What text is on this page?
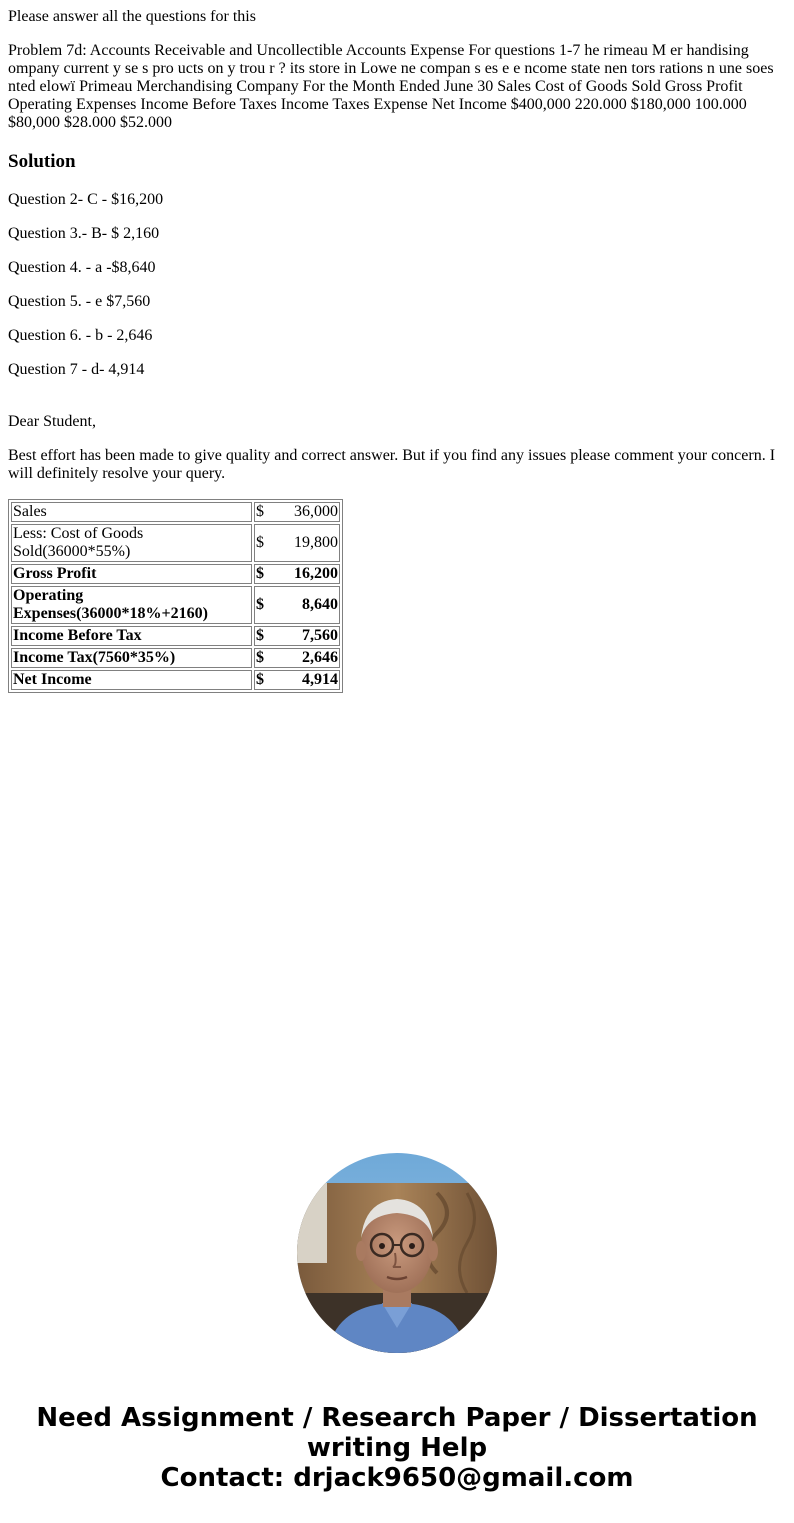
Please answer all the questions for this

Problem 7d: Accounts Receivable and Uncollectible Accounts Expense For questions 1-7 he rimeau M er handising ompany current y se s pro ucts on y trou r ? its store in Lowe ne compan s es e e ncome state nen tors rations n une soes nted elowï Primeau Merchandising Company For the Month Ended June 30 Sales Cost of Goods Sold Gross Profit Operating Expenses Income Before Taxes Income Taxes Expense Net Income $400,000 220.000 $180,000 100.000 $80,000 $28.000 $52.000

Solution

Question 2- C - $16,200

Question 3.- B- $ 2,160

Question 4. - a -$8,640

Question 5. - e $7,560

Question 6. - b - 2,646

Question 7 - d- 4,914

Dear Student,

Best effort has been made to give quality and correct answer. But if you find any issues please comment your concern. I will definitely resolve your query.

Sales	$ 36,000

Less: Cost of Goods Sold(36000*55%)	$ 19,800

Gross Profit	$ 16,200

Operating Expenses(36000*18%+2160)	$ 8,640

Income Before Tax	$ 7,560

Income Tax(7560*35%)	$ 2,646

Net Income	$ 4,914
Need Assignment / Research Paper / Dissertation
writing Help
Contact: drjack9650@gmail.com
